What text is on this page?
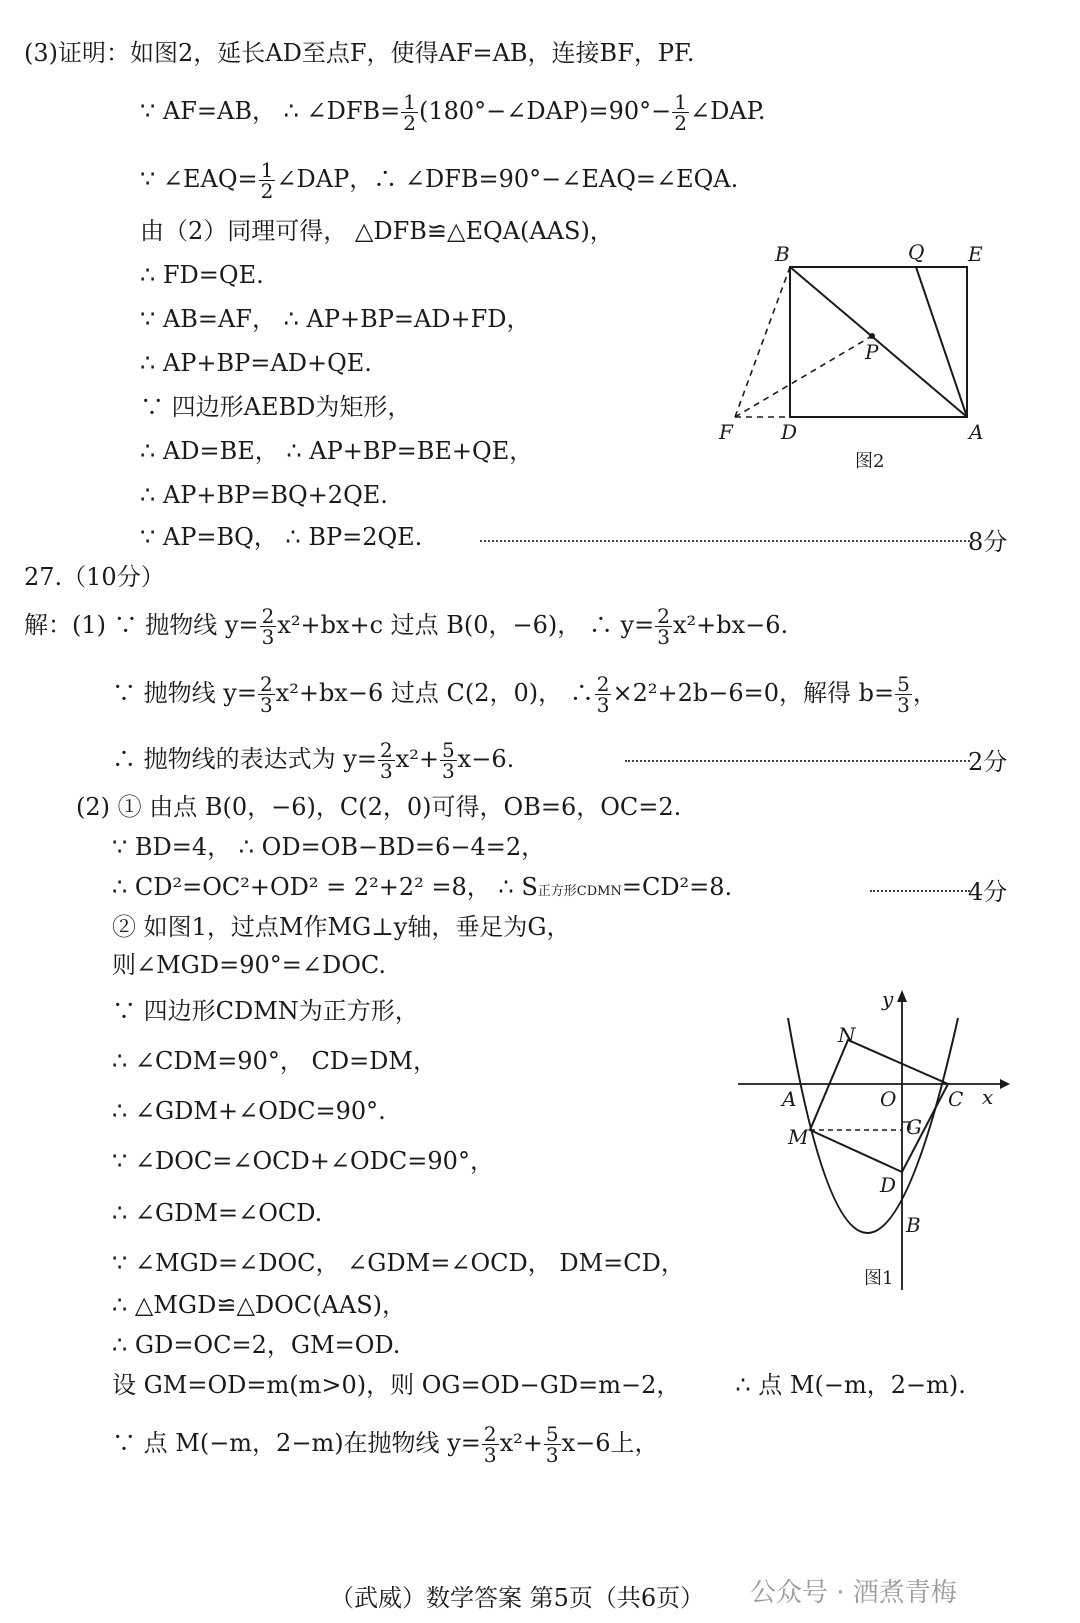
(3)证明：如图2，延长AD至点F，使得AF=AB，连接BF，PF.
∵ AF=AB， ∴ ∠DFB= $\frac{1}{2}$ (180°−∠DAP)=90°− $\frac{1}{2}$ ∠DAP.
∵ ∠EAQ= $\frac{1}{2}$ ∠DAP，∴ ∠DFB=90°−∠EAQ=∠EQA.
由（2）同理可得， △DFB≌△EQA(AAS)，
∴ FD=QE.
∵ AB=AF， ∴ AP+BP=AD+FD，
∴ AP+BP=AD+QE.
∵ 四边形AEBD为矩形，
∴ AD=BE， ∴ AP+BP=BE+QE，
∴ AP+BP=BQ+2QE.
∵ AP=BQ， ∴ BP=2QE.	8分
B	Q E
P
F D	A
图2
27.（10分）
解：(1) ∵ 抛物线 $y= \frac{2}{3} x^2+bx+c$ 过点 B(0，−6)， ∴ $y= \frac{2}{3} x^2+bx-6$.
∵ 抛物线 $y= \frac{2}{3} x^2+bx-6$ 过点 C(2，0)， ∴ $\frac{2}{3} \times 2^2+2b-6=0$，解得 $b= \frac{5}{3}$ ，
∴ 抛物线的表达式为 $y= \frac{2}{3} x^2+ \frac{5}{3} x-6$.	2分
(2) ① 由点 B(0，−6)，C(2，0)可得，OB=6，OC=2.
∵ BD=4， ∴ OD=OB−BD=6−4=2，
∴ CD²=OC²+OD² = 2²+2² =8， ∴ S正方形CDMN=CD²=8.	4分
② 如图1，过点M作MG⊥y轴，垂足为G，
则∠MGD=90°=∠DOC.
∵ 四边形CDMN为正方形，
∴ ∠CDM=90°， CD=DM，
∴ ∠GDM+∠ODC=90°.
∵ ∠DOC=∠OCD+∠ODC=90°，
∴ ∠GDM=∠OCD.
∵ ∠MGD=∠DOC， ∠GDM=∠OCD， DM=CD，
∴ △MGD≌△DOC(AAS)，
∴ GD=OC=2，GM=OD.
设 GM=OD=m(m>0)，则 OG=OD−GD=m−2， ∴ 点 M(−m，2−m).
∵ 点 M(−m，2−m)在抛物线 $y= \frac{2}{3} x^2+ \frac{5}{3} x-6$上，
y
x
N
A	O	C
G
M
D
B
图1
（武威）数学答案 第5页（共6页） 公众号 · 酒煮青梅
